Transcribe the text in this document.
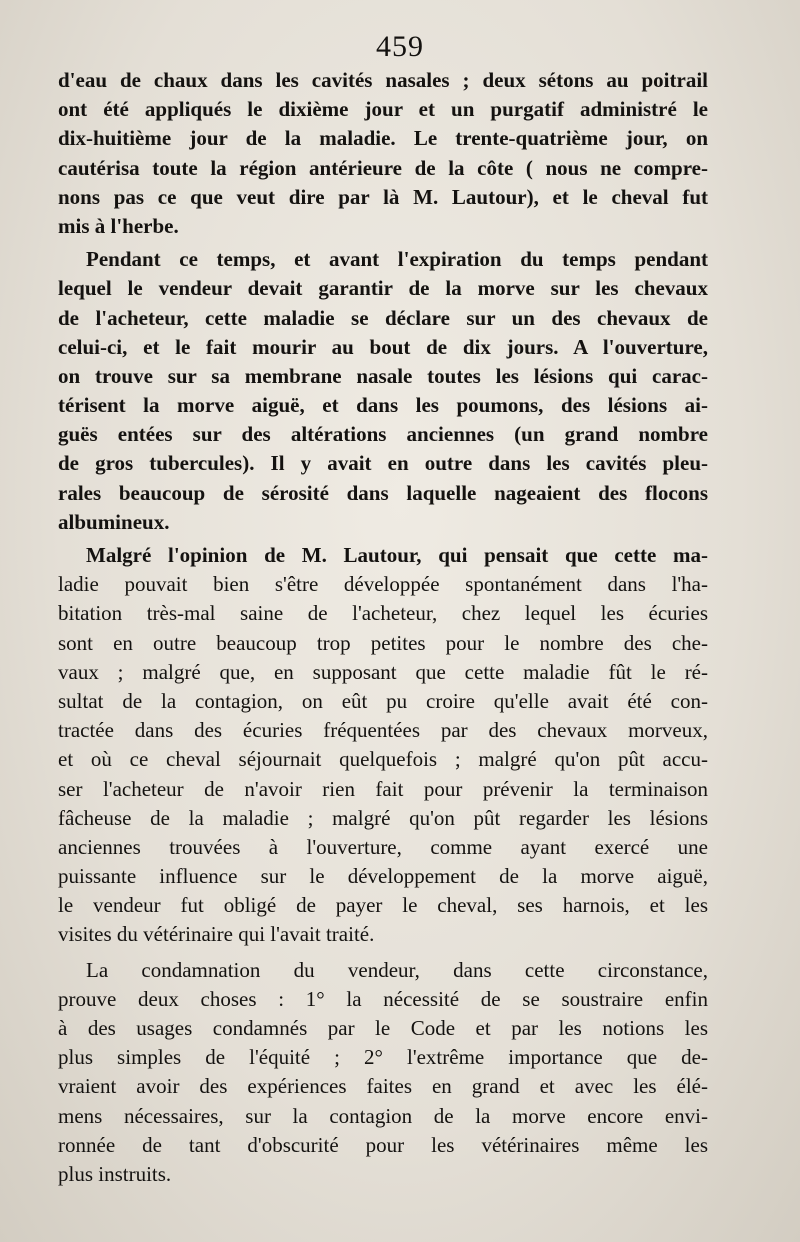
459
d'eau de chaux dans les cavités nasales ; deux sétons au poitrail
ont été appliqués le dixième jour et un purgatif administré le
dix-huitième jour de la maladie. Le trente-quatrième jour, on
cautérisa toute la région antérieure de la côte ( nous ne compre-
nons pas ce que veut dire par là M. Lautour), et le cheval fut
mis à l'herbe.
Pendant ce temps, et avant l'expiration du temps pendant
lequel le vendeur devait garantir de la morve sur les chevaux
de l'acheteur, cette maladie se déclare sur un des chevaux de
celui-ci, et le fait mourir au bout de dix jours. A l'ouverture,
on trouve sur sa membrane nasale toutes les lésions qui carac-
térisent la morve aiguë, et dans les poumons, des lésions ai-
guës entées sur des altérations anciennes (un grand nombre
de gros tubercules). Il y avait en outre dans les cavités pleu-
rales beaucoup de sérosité dans laquelle nageaient des flocons
albumineux.
Malgré l'opinion de M. Lautour, qui pensait que cette ma-
ladie pouvait bien s'être développée spontanément dans l'ha-
bitation très-mal saine de l'acheteur, chez lequel les écuries
sont en outre beaucoup trop petites pour le nombre des che-
vaux ; malgré que, en supposant que cette maladie fût le ré-
sultat de la contagion, on eût pu croire qu'elle avait été con-
tractée dans des écuries fréquentées par des chevaux morveux,
et où ce cheval séjournait quelquefois ; malgré qu'on pût accu-
ser l'acheteur de n'avoir rien fait pour prévenir la terminaison
fâcheuse de la maladie ; malgré qu'on pût regarder les lésions
anciennes trouvées à l'ouverture, comme ayant exercé une
puissante influence sur le développement de la morve aiguë,
le vendeur fut obligé de payer le cheval, ses harnois, et les
visites du vétérinaire qui l'avait traité.
La condamnation du vendeur, dans cette circonstance,
prouve deux choses : 1° la nécessité de se soustraire enfin
à des usages condamnés par le Code et par les notions les
plus simples de l'équité ; 2° l'extrême importance que de-
vraient avoir des expériences faites en grand et avec les élé-
mens nécessaires, sur la contagion de la morve encore envi-
ronnée de tant d'obscurité pour les vétérinaires même les
plus instruits.
